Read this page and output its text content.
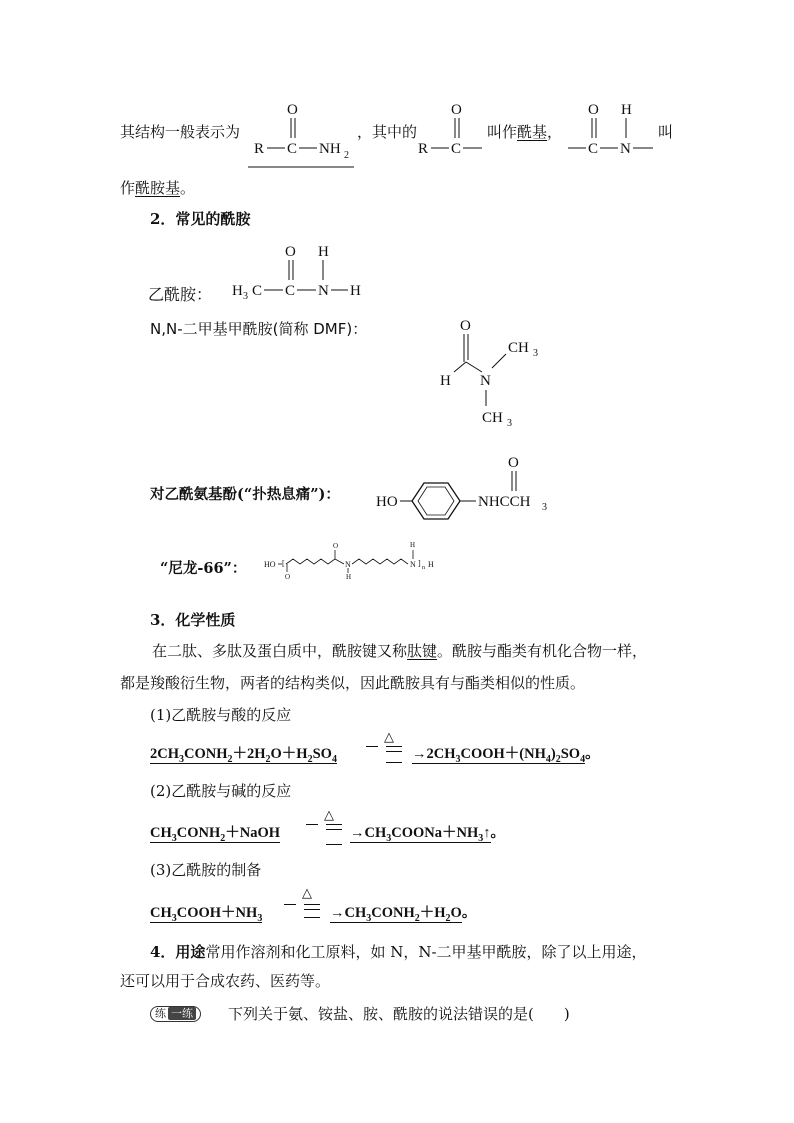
其结构一般表示为
O
R C NH 2
，其中的
O
R C
叫作酰基，
O H
C N
叫
作酰胺基。
2．常见的酰胺
乙酰胺：
O H
H 3 C C N H
N,N-二甲基甲酰胺(简称 DMF)：	O
H N
CH 3
CH 3
对乙酰氨基酚(“扑热息痛”)： HO	NHCCH 3
O
“尼龙-66”： HO [
O
O
N
H
N
H
] n H
3．化学性质
在二肽、多肽及蛋白质中，酰胺键又称肽键。酰胺与酯类有机化合物一样，
都是羧酸衍生物，两者的结构类似，因此酰胺具有与酯类相似的性质。
(1)乙酰胺与酸的反应
$2CH_3CONH_2+2H_2O+H_2SO_4$
△
$\to 2CH_3COOH+(NH_4)_2SO_4$。
(2)乙酰胺与碱的反应
$CH_3CONH_2+NaOH$
△
$\to CH_3COONa+NH_3↑$。
(3)乙酰胺的制备
$CH_3COOH+NH_3$
△
$\to CH_3CONH_2+H_2O$。
4．用途常用作溶剂和化工原料，如 N，N-二甲基甲酰胺，除了以上用途，
还可以用于合成农药、医药等。
练 一练	下列关于氨、铵盐、胺、酰胺的说法错误的是(　　)
